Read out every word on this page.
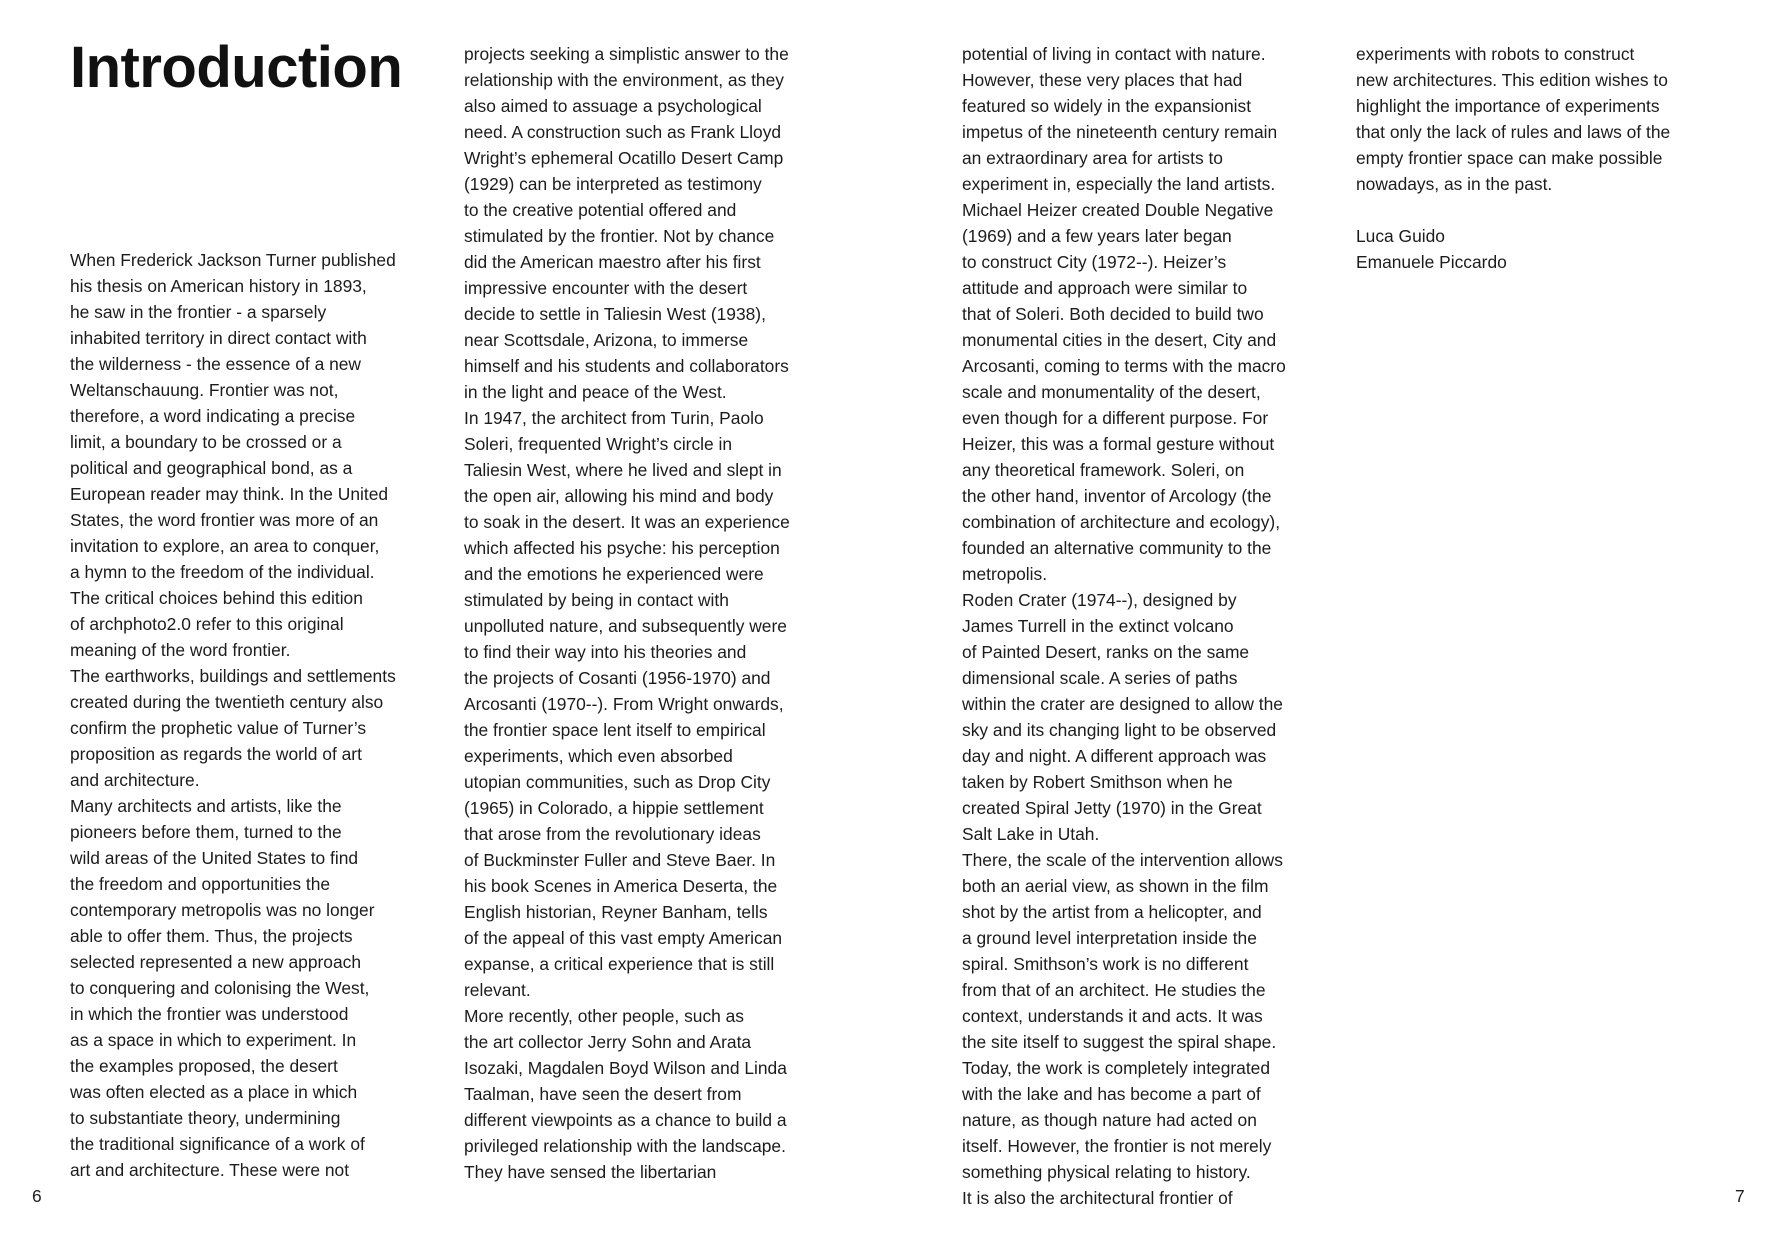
Introduction
When Frederick Jackson Turner published
his thesis on American history in 1893,
he saw in the frontier - a sparsely
inhabited territory in direct contact with
the wilderness - the essence of a new
Weltanschauung. Frontier was not,
therefore, a word indicating a precise
limit, a boundary to be crossed or a
political and geographical bond, as a
European reader may think. In the United
States, the word frontier was more of an
invitation to explore, an area to conquer,
a hymn to the freedom of the individual.
The critical choices behind this edition
of archphoto2.0 refer to this original
meaning of the word frontier.
The earthworks, buildings and settlements
created during the twentieth century also
confirm the prophetic value of Turner’s
proposition as regards the world of art
and architecture.
Many architects and artists, like the
pioneers before them, turned to the
wild areas of the United States to find
the freedom and opportunities the
contemporary metropolis was no longer
able to offer them. Thus, the projects
selected represented a new approach
to conquering and colonising the West,
in which the frontier was understood
as a space in which to experiment. In
the examples proposed, the desert
was often elected as a place in which
to substantiate theory, undermining
the traditional significance of a work of
art and architecture. These were not
projects seeking a simplistic answer to the
relationship with the environment, as they
also aimed to assuage a psychological
need. A construction such as Frank Lloyd
Wright’s ephemeral Ocatillo Desert Camp
(1929) can be interpreted as testimony
to the creative potential offered and
stimulated by the frontier. Not by chance
did the American maestro after his first
impressive encounter with the desert
decide to settle in Taliesin West (1938),
near Scottsdale, Arizona, to immerse
himself and his students and collaborators
in the light and peace of the West.
In 1947, the architect from Turin, Paolo
Soleri, frequented Wright’s circle in
Taliesin West, where he lived and slept in
the open air, allowing his mind and body
to soak in the desert. It was an experience
which affected his psyche: his perception
and the emotions he experienced were
stimulated by being in contact with
unpolluted nature, and subsequently were
to find their way into his theories and
the projects of Cosanti (1956-1970) and
Arcosanti (1970--). From Wright onwards,
the frontier space lent itself to empirical
experiments, which even absorbed
utopian communities, such as Drop City
(1965) in Colorado, a hippie settlement
that arose from the revolutionary ideas
of Buckminster Fuller and Steve Baer. In
his book Scenes in America Deserta, the
English historian, Reyner Banham, tells
of the appeal of this vast empty American
expanse, a critical experience that is still
relevant.
More recently, other people, such as
the art collector Jerry Sohn and Arata
Isozaki, Magdalen Boyd Wilson and Linda
Taalman, have seen the desert from
different viewpoints as a chance to build a
privileged relationship with the landscape.
They have sensed the libertarian
potential of living in contact with nature.
However, these very places that had
featured so widely in the expansionist
impetus of the nineteenth century remain
an extraordinary area for artists to
experiment in, especially the land artists.
Michael Heizer created Double Negative
(1969) and a few years later began
to construct City (1972--). Heizer’s
attitude and approach were similar to
that of Soleri. Both decided to build two
monumental cities in the desert, City and
Arcosanti, coming to terms with the macro
scale and monumentality of the desert,
even though for a different purpose. For
Heizer, this was a formal gesture without
any theoretical framework. Soleri, on
the other hand, inventor of Arcology (the
combination of architecture and ecology),
founded an alternative community to the
metropolis.
Roden Crater (1974--), designed by
James Turrell in the extinct volcano
of Painted Desert, ranks on the same
dimensional scale. A series of paths
within the crater are designed to allow the
sky and its changing light to be observed
day and night. A different approach was
taken by Robert Smithson when he
created Spiral Jetty (1970) in the Great
Salt Lake in Utah.
There, the scale of the intervention allows
both an aerial view, as shown in the film
shot by the artist from a helicopter, and
a ground level interpretation inside the
spiral. Smithson’s work is no different
from that of an architect. He studies the
context, understands it and acts. It was
the site itself to suggest the spiral shape.
Today, the work is completely integrated
with the lake and has become a part of
nature, as though nature had acted on
itself. However, the frontier is not merely
something physical relating to history.
It is also the architectural frontier of
experiments with robots to construct
new architectures. This edition wishes to
highlight the importance of experiments
that only the lack of rules and laws of the
empty frontier space can make possible
nowadays, as in the past.
Luca Guido
Emanuele Piccardo
6	7
